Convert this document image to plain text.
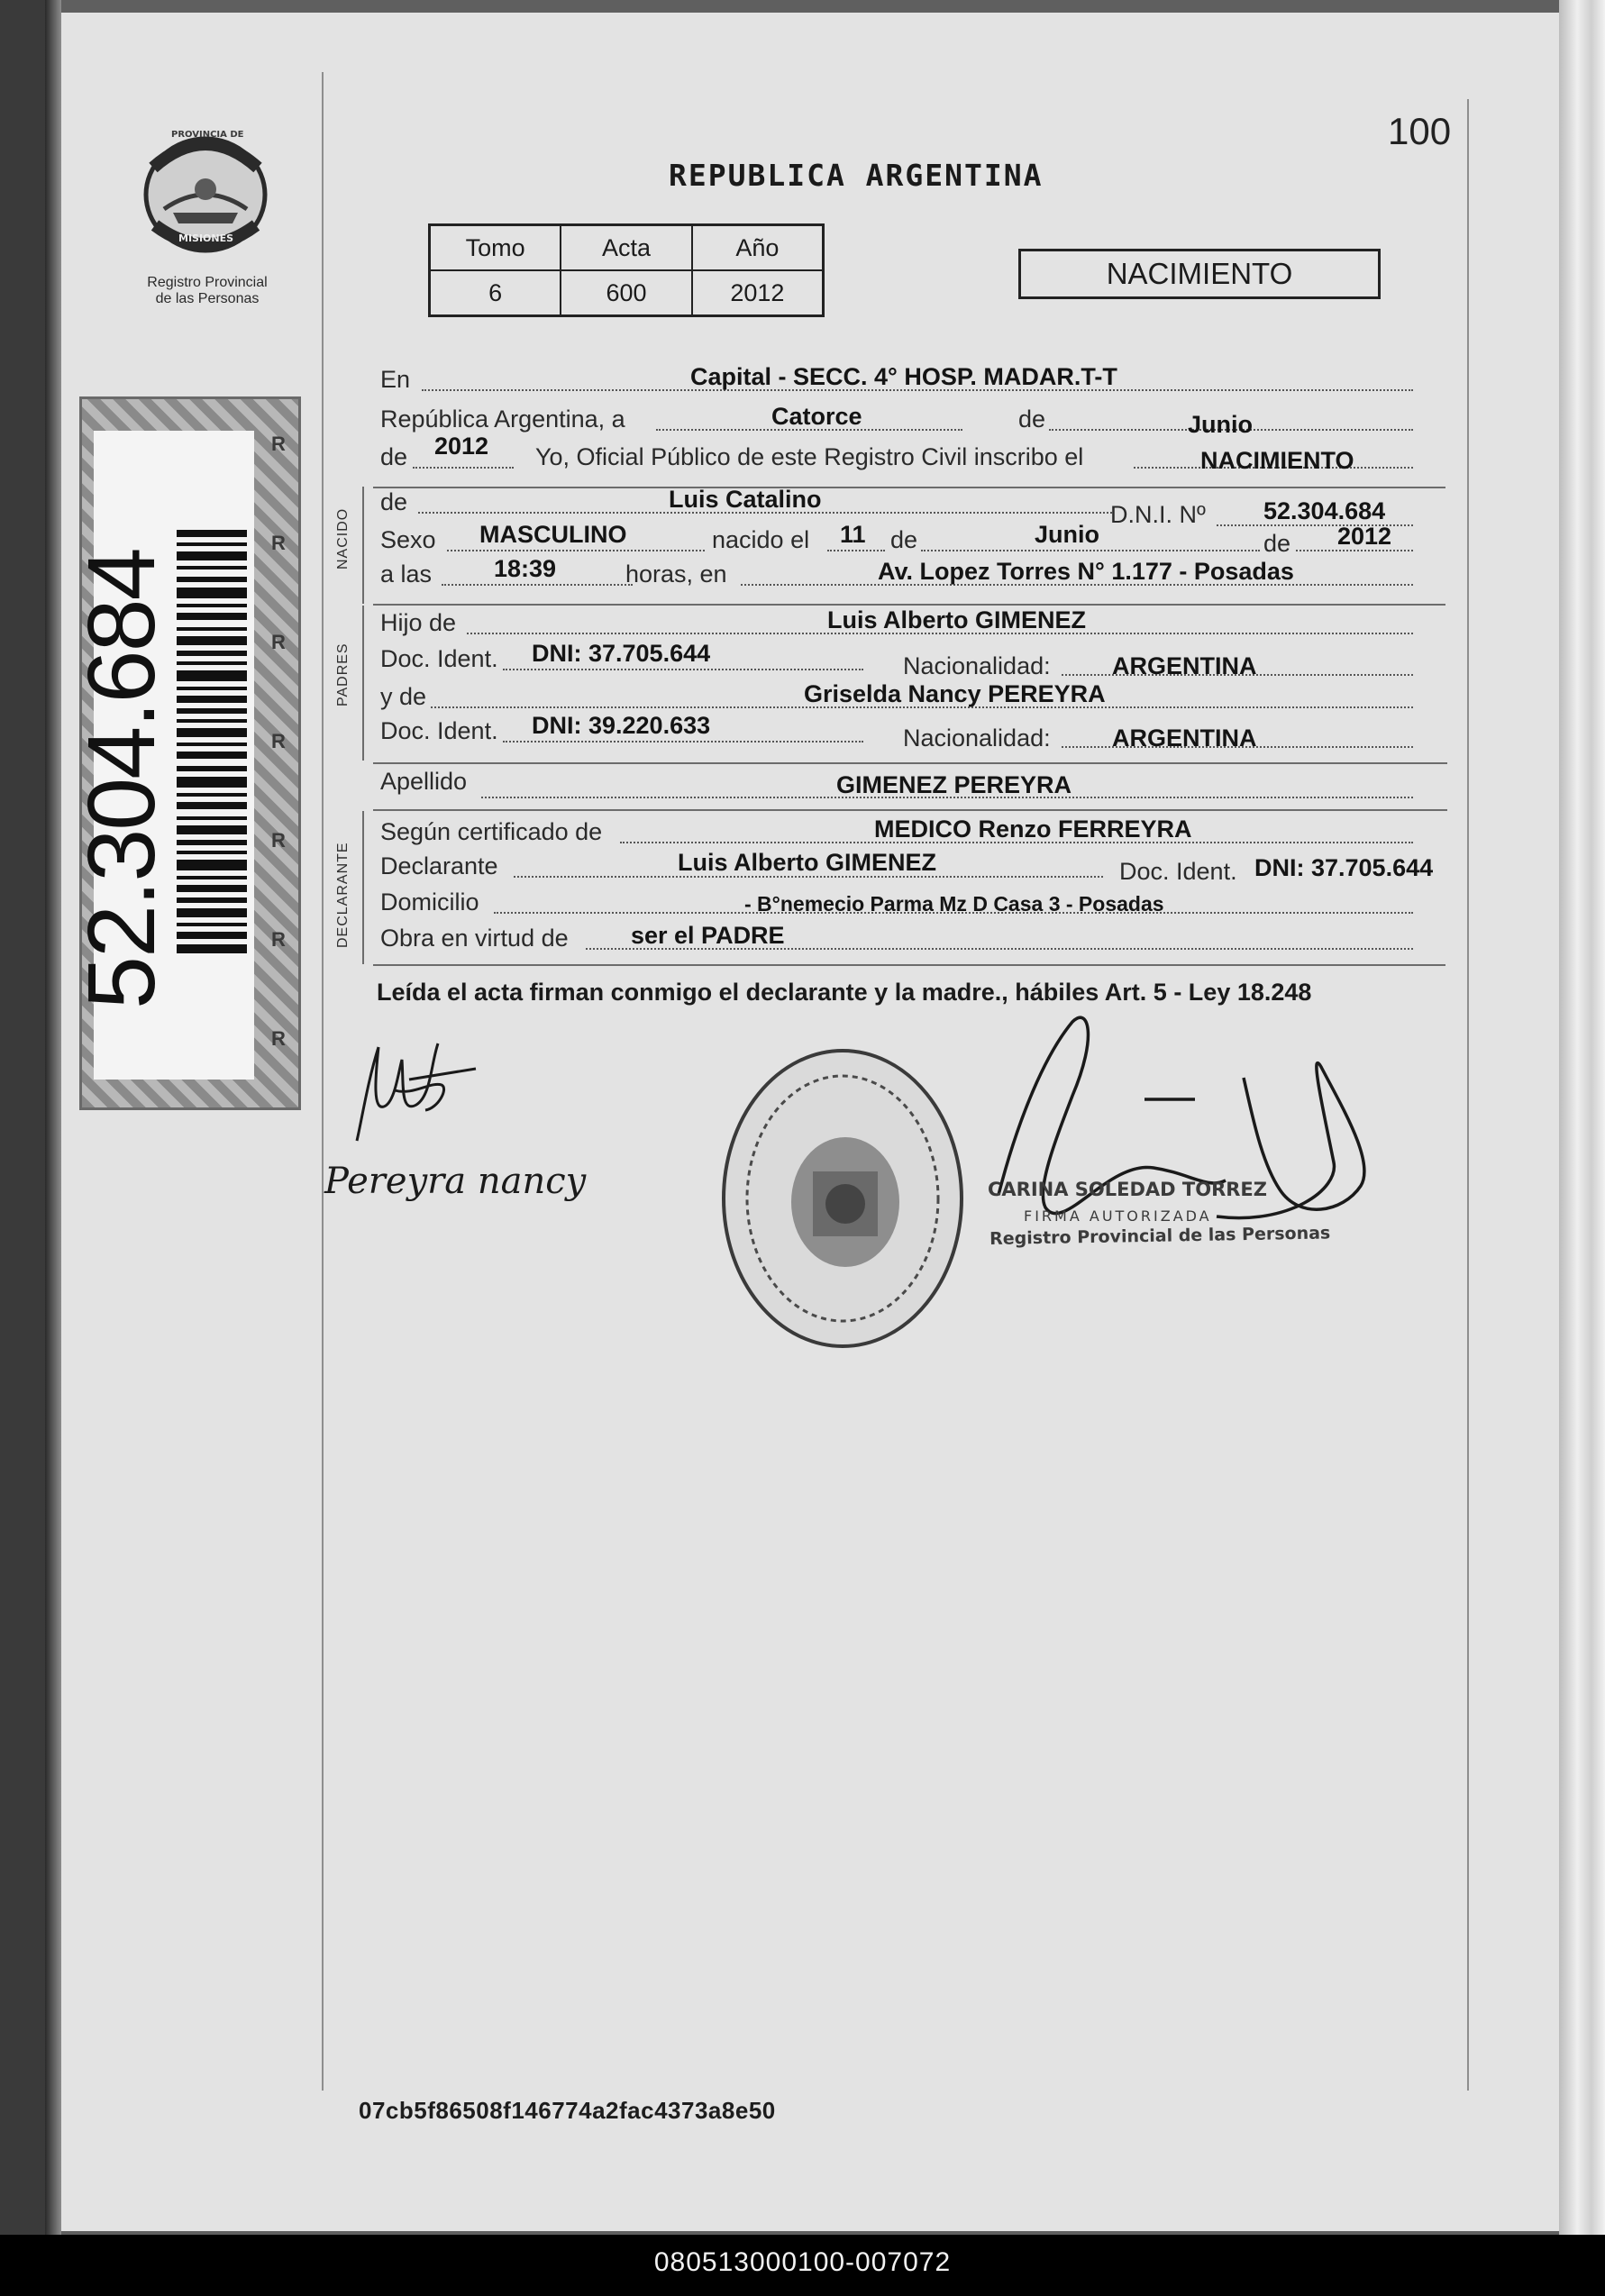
PROVINCIA DE
MISIONES
Registro Provincial
de las Personas
52.304.684
R
R
R
R
R
R
R
100
REPUBLICA ARGENTINA
Tomo	Acta	Año
6	600	2012
NACIMIENTO
En	Capital - SECC. 4° HOSP. MADAR.T-T
República Argentina, a	Catorce	de	Junio
de 2012 Yo, Oficial Público de este Registro Civil inscribo el	NACIMIENTO
NACIDO
de	Luis Catalino
D.N.I. Nº 52.304.684
Sexo MASCULINO	nacido el 11 de	Junio	de 2012
a las	18:39	horas, en	Av. Lopez Torres N° 1.177 - Posadas
PADRES
Hijo de	Luis Alberto GIMENEZ
Doc. Ident. DNI: 37.705.644	Nacionalidad:	ARGENTINA
y de	Griselda Nancy PEREYRA
Doc. Ident. DNI: 39.220.633	Nacionalidad:	ARGENTINA
Apellido	GIMENEZ PEREYRA
DECLARANTE
Según certificado de	MEDICO Renzo FERREYRA
Declarante	Luis Alberto GIMENEZ	Doc. Ident. DNI: 37.705.644
Domicilio	- B°nemecio Parma Mz D Casa 3 - Posadas
Obra en virtud de	ser el PADRE
Leída el acta firman conmigo el declarante y la madre., hábiles Art. 5 - Ley 18.248
Pereyra nancy	CARINA SOLEDAD TORREZ
FIRMA AUTORIZADA
Registro Provincial de las Personas
07cb5f86508f146774a2fac4373a8e50
080513000100-007072
